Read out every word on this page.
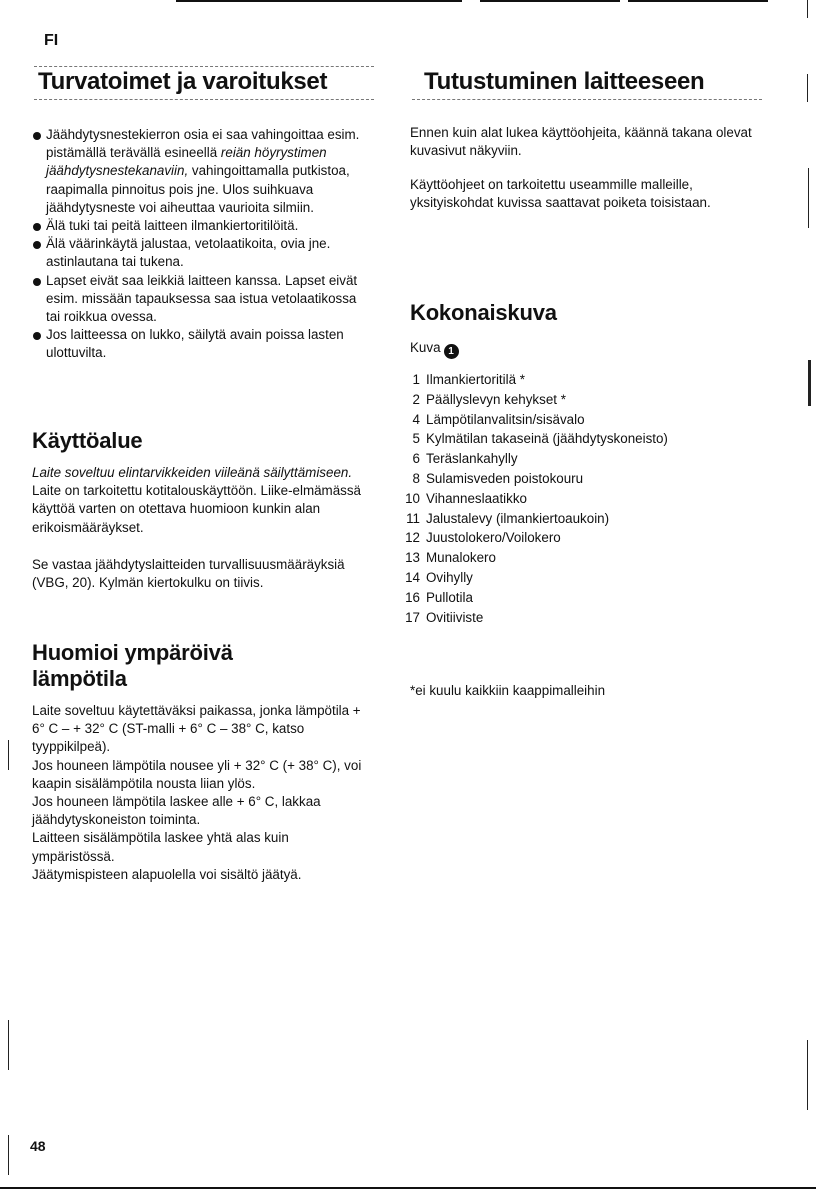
FI
Turvatoimet ja varoitukset
Jäähdytysnestekierron osia ei saa vahingoittaa esim. pistämällä terävällä esineellä reiän höyrystimen jäähdytysnestekanaviin, vahingoittamalla putkistoa, raapimalla pinnoitus pois jne. Ulos suihkuava jäähdytysneste voi aiheuttaa vaurioita silmiin.
Älä tuki tai peitä laitteen ilmankiertoritilöitä.
Älä väärinkäytä jalustaa, vetolaatikoita, ovia jne. astinlautana tai tukena.
Lapset eivät saa leikkiä laitteen kanssa. Lapset eivät esim. missään tapauksessa saa istua vetolaatikossa tai roikkua ovessa.
Jos laitteessa on lukko, säilytä avain poissa lasten ulottuvilta.
Käyttöalue

Laite soveltuu elintarvikkeiden viileänä säilyttämiseen. Laite on tarkoitettu kotitalouskäyttöön. Liike-elmämässä käyttöä varten on otettava huomioon kunkin alan erikoismääräykset.

Se vastaa jäähdytyslaitteiden turvallisuusmääräyksiä (VBG, 20). Kylmän kiertokulku on tiivis.

Huomioi ympäröivä lämpötila
Laite soveltuu käytettäväksi paikassa, jonka lämpötila + 6° C – + 32° C (ST-malli + 6° C – 38° C, katso tyyppikilpeä).
Jos houneen lämpötila nousee yli + 32° C (+ 38° C), voi kaapin sisälämpötila nousta liian ylös.
Jos houneen lämpötila laskee alle + 6° C, lakkaa jäähdytyskoneiston toiminta.
Laitteen sisälämpötila laskee yhtä alas kuin ympäristössä.
Jäätymispisteen alapuolella voi sisältö jäätyä.
Tutustuminen laitteeseen

Ennen kuin alat lukea käyttöohjeita, käännä takana olevat kuvasivut näkyviin.

Käyttöohjeet on tarkoitettu useammille malleille, yksityiskohdat kuvissa saattavat poiketa toisistaan.

Kokonaiskuva
Kuva 1
1 Ilmankiertoritilä *
2 Päällyslevyn kehykset *
4 Lämpötilanvalitsin/sisävalo
5 Kylmätilan takaseinä (jäähdytyskoneisto)
6 Teräslankahylly
8 Sulamisveden poistokouru
10 Vihanneslaatikko
11 Jalustalevy (ilmankiertoaukoin)
12 Juustolokero/Voilokero
13 Munalokero
14 Ovihylly
16 Pullotila
17 Ovitiiviste
*ei kuulu kaikkiin kaappimalleihin
48
